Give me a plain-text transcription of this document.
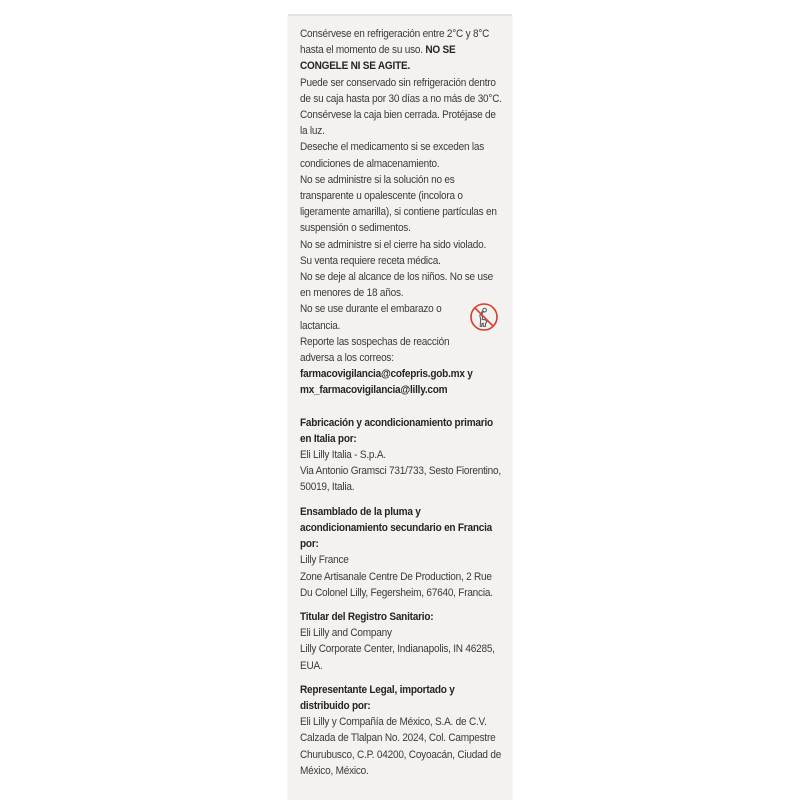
Consérvese en refrigeración entre 2°C y 8°C
hasta el momento de su uso. NO SE
CONGELE NI SE AGITE.
Puede ser conservado sin refrigeración dentro
de su caja hasta por 30 días a no más de 30°C.
Consérvese la caja bien cerrada. Protéjase de
la luz.
Deseche el medicamento si se exceden las
condiciones de almacenamiento.
No se administre si la solución no es
transparente u opalescente (incolora o
ligeramente amarilla), si contiene partículas en
suspensión o sedimentos.
No se administre si el cierre ha sido violado.
Su venta requiere receta médica.
No se deje al alcance de los niños. No se use
en menores de 18 años.
No se use durante el embarazo o
lactancia.
Reporte las sospechas de reacción
adversa a los correos:
farmacovigilancia@cofepris.gob.mx y
mx_farmacovigilancia@lilly.com
Fabricación y acondicionamiento primario
en Italia por:
Eli Lilly Italia - S.p.A.
Via Antonio Gramsci 731/733, Sesto Fiorentino,
50019, Italia.
Ensamblado de la pluma y
acondicionamiento secundario en Francia
por:
Lilly France
Zone Artisanale Centre De Production, 2 Rue
Du Colonel Lilly, Fegersheim, 67640, Francia.
Titular del Registro Sanitario:
Eli Lilly and Company
Lilly Corporate Center, Indianapolis, IN 46285,
EUA.
Representante Legal, importado y
distribuido por:
Eli Lilly y Compañía de México, S.A. de C.V.
Calzada de Tlalpan No. 2024, Col. Campestre
Churubusco, C.P. 04200, Coyoacán, Ciudad de
México, México.
